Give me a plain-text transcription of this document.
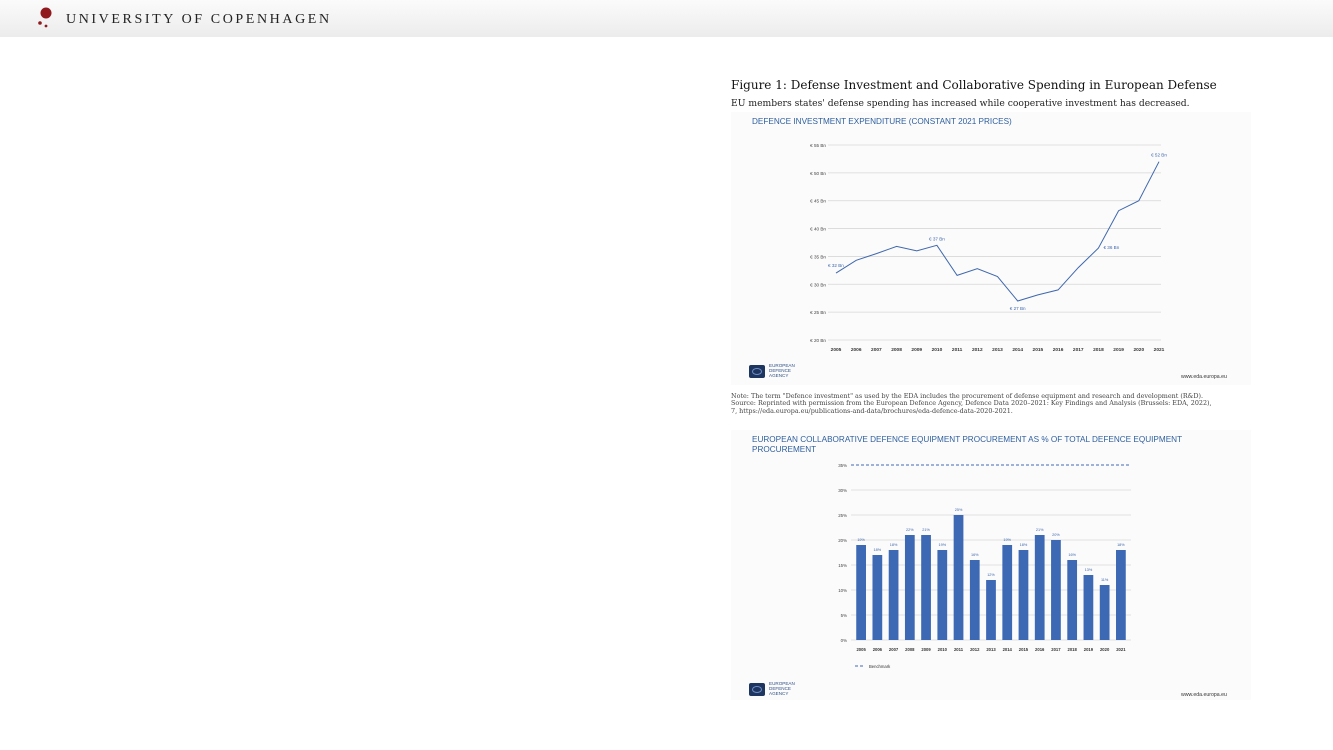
UNIVERSITY OF COPENHAGEN
Figure 1: Defense Investment and Collaborative Spending in European Defense
EU members states' defense spending has increased while cooperative investment has decreased.
DEFENCE INVESTMENT EXPENDITURE (CONSTANT 2021 PRICES)
€ 20 Bn
€ 25 Bn
€ 30 Bn
€ 35 Bn
€ 40 Bn
€ 45 Bn
€ 50 Bn
€ 55 Bn
2005 2006 2007 2008 2009 2010 2011 2012 2013 2014 2015 2016 2017 2018 2019 2020 2021
€ 32 Bn
€ 37 Bn
€ 27 Bn
€ 36 Bn
€ 52 Bn
EUROPEAN
DEFENCE
AGENCY	www.eda.europa.eu
Note: The term "Defence investment" as used by the EDA includes the procurement of defense equipment and research and development (R&D).
Source: Reprinted with permission from the European Defence Agency, Defence Data 2020–2021: Key Findings and Analysis (Brussels: EDA, 2022),
7, https://eda.europa.eu/publications-and-data/brochures/eda-defence-data-2020-2021.
EUROPEAN COLLABORATIVE DEFENCE EQUIPMENT PROCUREMENT AS % OF TOTAL DEFENCE EQUIPMENT PROCUREMENT
0%
5%
10%
15%
20%
25%
30%
35%
19%
2005
18%
2006
18%
2007
22%
2008
21%
2009
19%
2010
25%
2011
16%
2012
12%
2013
19%
2014
18%
2015
21%
2016
20%
2017
16%
2018
13%
2019
11%
2020
18%
2021
Benchmark
EUROPEAN
DEFENCE
AGENCY	www.eda.europa.eu
